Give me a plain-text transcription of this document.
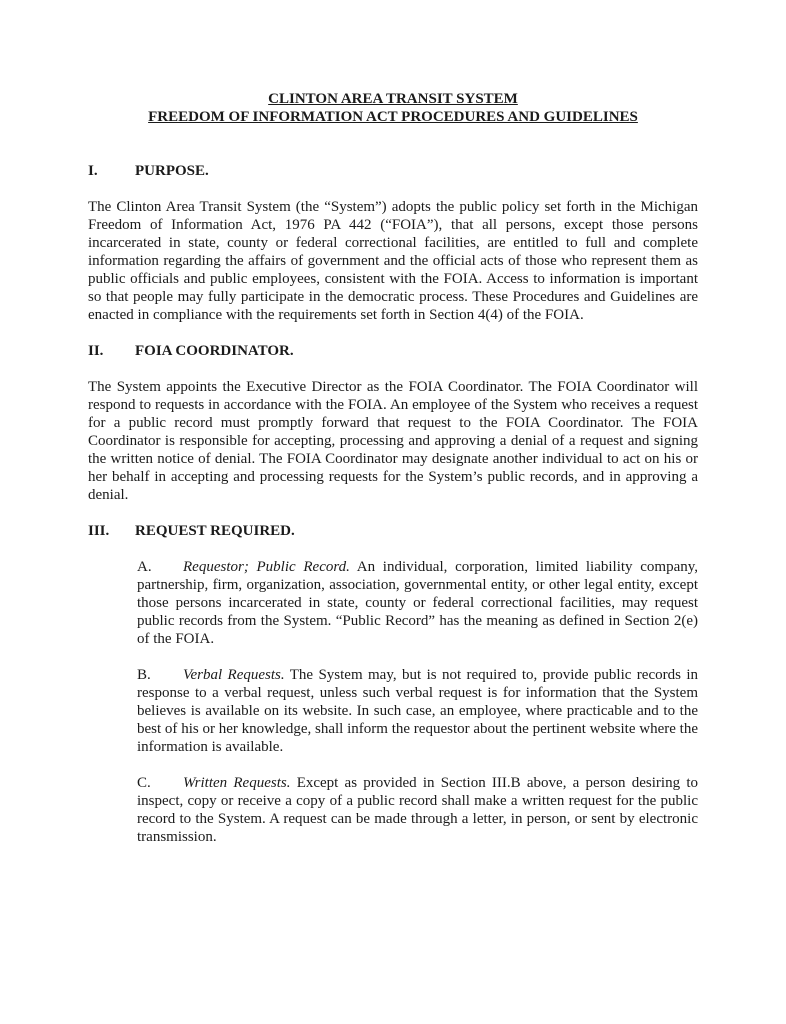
CLINTON AREA TRANSIT SYSTEM
FREEDOM OF INFORMATION ACT PROCEDURES AND GUIDELINES
I. PURPOSE.

The Clinton Area Transit System (the “System”) adopts the public policy set forth in the Michigan Freedom of Information Act, 1976 PA 442 (“FOIA”), that all persons, except those persons incarcerated in state, county or federal correctional facilities, are entitled to full and complete information regarding the affairs of government and the official acts of those who represent them as public officials and public employees, consistent with the FOIA. Access to information is important so that people may fully participate in the democratic process. These Procedures and Guidelines are enacted in compliance with the requirements set forth in Section 4(4) of the FOIA.

II. FOIA COORDINATOR.

The System appoints the Executive Director as the FOIA Coordinator. The FOIA Coordinator will respond to requests in accordance with the FOIA. An employee of the System who receives a request for a public record must promptly forward that request to the FOIA Coordinator. The FOIA Coordinator is responsible for accepting, processing and approving a denial of a request and signing the written notice of denial. The FOIA Coordinator may designate another individual to act on his or her behalf in accepting and processing requests for the System’s public records, and in approving a denial.

III. REQUEST REQUIRED.

A. Requestor; Public Record. An individual, corporation, limited liability company, partnership, firm, organization, association, governmental entity, or other legal entity, except those persons incarcerated in state, county or federal correctional facilities, may request public records from the System. “Public Record” has the meaning as defined in Section 2(e) of the FOIA.

B. Verbal Requests. The System may, but is not required to, provide public records in response to a verbal request, unless such verbal request is for information that the System believes is available on its website. In such case, an employee, where practicable and to the best of his or her knowledge, shall inform the requestor about the pertinent website where the information is available.

C. Written Requests. Except as provided in Section III.B above, a person desiring to inspect, copy or receive a copy of a public record shall make a written request for the public record to the System. A request can be made through a letter, in person, or sent by electronic transmission.
